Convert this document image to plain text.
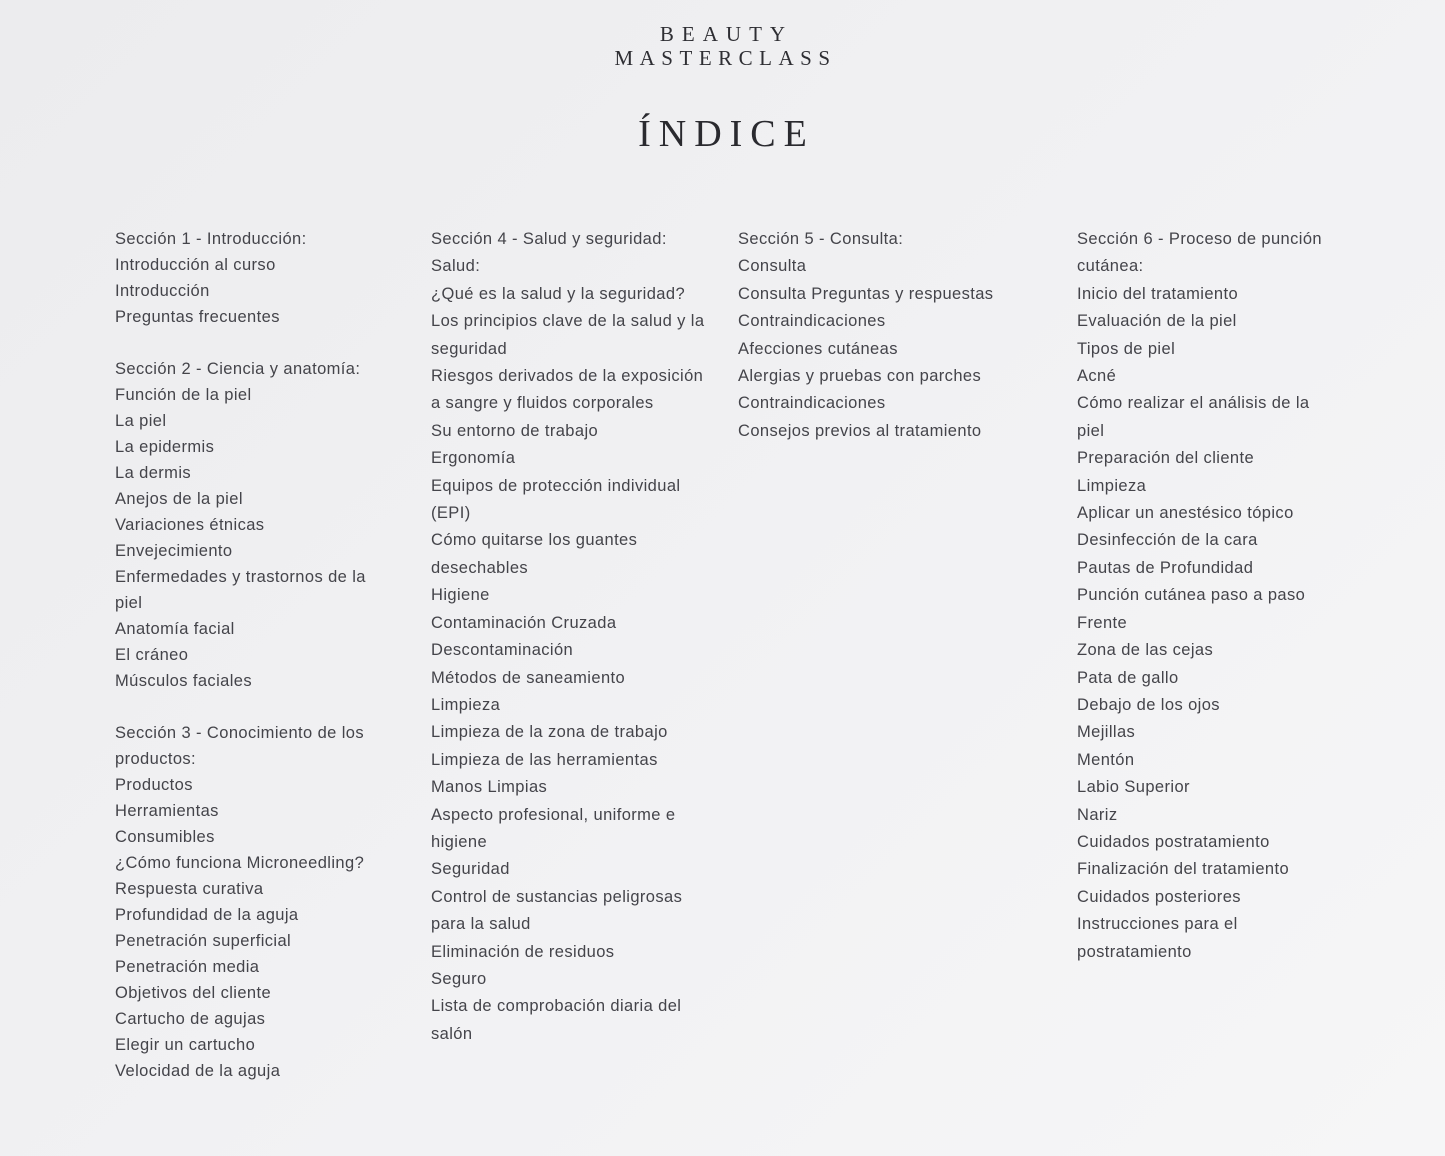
BEAUTY
MASTERCLASS
ÍNDICE
Sección 1 - Introducción:
Introducción al curso
Introducción
Preguntas frecuentes
Sección 2 - Ciencia y anatomía:
Función de la piel
La piel
La epidermis
La dermis
Anejos de la piel
Variaciones étnicas
Envejecimiento
Enfermedades y trastornos de la piel
Anatomía facial
El cráneo
Músculos faciales
Sección 3 - Conocimiento de los productos:
Productos
Herramientas
Consumibles
¿Cómo funciona Microneedling?
Respuesta curativa
Profundidad de la aguja
Penetración superficial
Penetración media
Objetivos del cliente
Cartucho de agujas
Elegir un cartucho
Velocidad de la aguja
Sección 4 - Salud y seguridad:
Salud:
¿Qué es la salud y la seguridad?
Los principios clave de la salud y la seguridad
Riesgos derivados de la exposición a sangre y fluidos corporales
Su entorno de trabajo
Ergonomía
Equipos de protección individual (EPI)
Cómo quitarse los guantes desechables
Higiene
Contaminación Cruzada
Descontaminación
Métodos de saneamiento
Limpieza
Limpieza de la zona de trabajo
Limpieza de las herramientas
Manos Limpias
Aspecto profesional, uniforme e higiene
Seguridad
Control de sustancias peligrosas para la salud
Eliminación de residuos
Seguro
Lista de comprobación diaria del salón
Sección 5 - Consulta:
Consulta
Consulta Preguntas y respuestas
Contraindicaciones
Afecciones cutáneas
Alergias y pruebas con parches
Contraindicaciones
Consejos previos al tratamiento
Sección 6 - Proceso de punción cutánea:
Inicio del tratamiento
Evaluación de la piel
Tipos de piel
Acné
Cómo realizar el análisis de la piel
Preparación del cliente
Limpieza
Aplicar un anestésico tópico
Desinfección de la cara
Pautas de Profundidad
Punción cutánea paso a paso
Frente
Zona de las cejas
Pata de gallo
Debajo de los ojos
Mejillas
Mentón
Labio Superior
Nariz
Cuidados postratamiento
Finalización del tratamiento
Cuidados posteriores
Instrucciones para el postratamiento
